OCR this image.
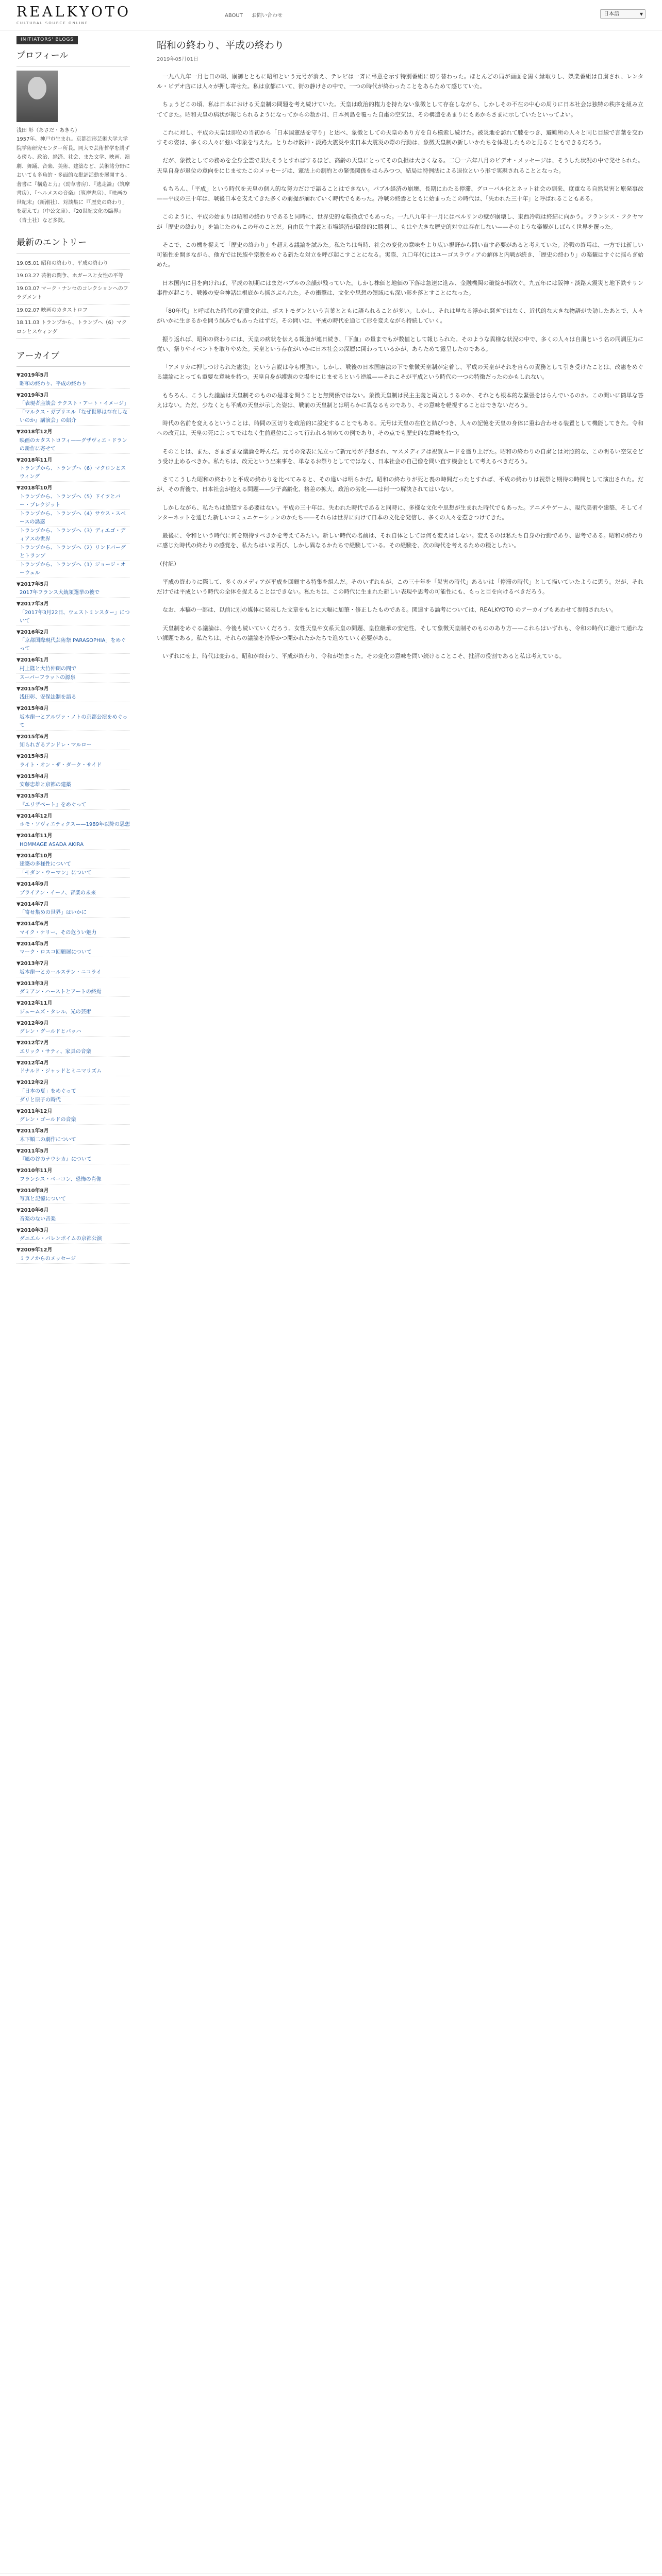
REALKYOTO
CULTURAL SOURCE ONLINE
ABOUT お問い合わせ	日本語	▼
INITIATORS' BLOGS
プロフィール
浅田 彰（あさだ・あきら）
1957年、神戸市生まれ。京都造形芸術大学大学院学術研究センター所長。同大で芸術哲学を講ずる傍ら、政治、経済、社会、また文学、映画、演劇、舞踊、音楽、美術、建築など、芸術諸分野においても多角的・多面的な批評活動を展開する。
著書に『構造と力』（勁草書房）、『逃走論』（筑摩書房）、『ヘルメスの音楽』（筑摩書房）、『映画の世紀末』（新潮社）、対談集に『「歴史の終わり」を超えて』（中公文庫）、『20世紀文化の臨界』（青土社）など多数。
最新のエントリー
19.05.01 昭和の終わり、平成の終わり
19.03.27 芸術の闘争、ホガースと女性の平等
19.03.07 マーク・ナンセのコレクションへのフラグメント
19.02.07 映画のカタストロフ
18.11.03 トランプから、トランプへ（6）マクロンとスウィング
アーカイブ
▼2019年5月
昭和の終わり、平成の終わり
▼2019年3月
「表現者座談会 テクスト・アート・イメージ」
「マルクス・ガブリエル『なぜ世界は存在しないのか』講演会」の紹介
▼2018年12月
映画のカタストロフィ——グザヴィエ・ドランの新作に寄せて
▼2018年11月
トランプから、トランプへ（6）マクロンとスウィング
▼2018年10月
トランプから、トランプへ（5）ドイツとバー・ブレクジット
トランプから、トランプへ（4）サウス・スペースの誘惑
トランプから、トランプへ（3）ディエゴ・ディアスの世界
トランプから、トランプへ（2）リンドバーグとトランプ
トランプから、トランプへ（1）ジョージ・オーウェル
▼2017年5月
2017年フランス大統領選挙の後で
▼2017年3月
「2017年3月22日、ウェストミンスター」について
▼2016年2月
「京都国際現代芸術祭 PARASOPHIA」をめぐって
▼2016年1月
村上隆と大竹伸朗の間で
スーパーフラットの源泉
▼2015年9月
浅田彰、安保法制を語る
▼2015年8月
坂本龍一とアルヴァ・ノトの京都公演をめぐって
▼2015年6月
知られざるアンドレ・マルロー
▼2015年5月
ライト・オン・ザ・ダーク・サイド
▼2015年4月
安藤忠雄と京都の建築
▼2015年3月
『エリザベート』をめぐって
▼2014年12月
ホモ・ソヴィエティクス——1989年以降の思想
▼2014年11月
HOMMAGE ASADA AKIRA
▼2014年10月
建築の多様性について
「モダン・ウーマン」について
▼2014年9月
ブライアン・イーノ、音楽の未来
▼2014年7月
「寄せ集めの世界」はいかに
▼2014年6月
マイク・ケリー、その危うい魅力
▼2014年5月
マーク・ロスコ回顧展について
▼2013年7月
坂本龍一とカールステン・ニコライ
▼2013年3月
ダミアン・ハーストとアートの終焉
▼2012年11月
ジェームズ・タレル、光の芸術
▼2012年9月
グレン・グールドとバッハ
▼2012年7月
エリック・サティ、家具の音楽
▼2012年4月
ドナルド・ジャッドとミニマリズム
▼2012年2月
「日本の夏」をめぐって
ダリと原子の時代
▼2011年12月
グレン・ゴールドの音楽
▼2011年8月
木下順二の劇作について
▼2011年5月
『風の谷のナウシカ』について
▼2010年11月
フランシス・ベーコン、恐怖の肖像
▼2010年8月
写真と記憶について
▼2010年6月
音楽のない音楽
▼2010年3月
ダニエル・バレンボイムの京都公演
▼2009年12月
ミラノからのメッセージ
昭和の終わり、平成の終わり
2019年05月01日

一九八九年一月七日の朝、崩御とともに昭和という元号が消え、テレビは一斉に弔意を示す特別番組に切り替わった。ほとんどの局が画面を黒く縁取りし、娯楽番組は自粛され、レンタル・ビデオ店には人々が押し寄せた。私は京都にいて、街の静けさの中で、一つの時代が終わったことをあらためて感じていた。

ちょうどこの頃、私は日本における天皇制の問題を考え続けていた。天皇は政治的権力を持たない象徴として存在しながら、しかしその不在の中心の周りに日本社会は独特の秩序を組み立ててきた。昭和天皇の病状が報じられるようになってからの数か月、日本列島を覆った自粛の空気は、その構造をあまりにもあからさまに示していたといってよい。

これに対し、平成の天皇は即位の当初から「日本国憲法を守り」と述べ、象徴としての天皇のあり方を自ら模索し続けた。被災地を訪れて膝をつき、避難所の人々と同じ目線で言葉を交わすその姿は、多くの人々に強い印象を与えた。とりわけ阪神・淡路大震災や東日本大震災の際の行動は、象徴天皇制の新しいかたちを体現したものと見ることもできるだろう。

だが、象徴としての務めを全身全霊で果たそうとすればするほど、高齢の天皇にとってその負担は大きくなる。二〇一六年八月のビデオ・メッセージは、そうした状況の中で発せられた。天皇自身が退位の意向をにじませたこのメッセージは、憲法上の制約との緊張関係をはらみつつ、結局は特例法による退位という形で実現されることとなった。

もちろん、「平成」という時代を天皇の個人的な努力だけで語ることはできない。バブル経済の崩壊、長期にわたる停滞、グローバル化とネット社会の到来、度重なる自然災害と原発事故——平成の三十年は、戦後日本を支えてきた多くの前提が崩れていく時代でもあった。冷戦の終焉とともに始まったこの時代は、「失われた三十年」と呼ばれることもある。

このように、平成の始まりは昭和の終わりであると同時に、世界史的な転換点でもあった。一九八九年十一月にはベルリンの壁が崩壊し、東西冷戦は終結に向かう。フランシス・フクヤマが「歴史の終わり」を論じたのもこの年のことだ。自由民主主義と市場経済が最終的に勝利し、もはや大きな歴史的対立は存在しない——そのような楽観がしばらく世界を覆った。

そこで、この機を捉えて「歴史の終わり」を超える議論を試みた。私たちは当時、社会の変化の意味をより広い視野から問い直す必要があると考えていた。冷戦の終焉は、一方では新しい可能性を開きながら、他方では民族や宗教をめぐる新たな対立を呼び起こすことになる。実際、九〇年代にはユーゴスラヴィアの解体と内戦が続き、「歴史の終わり」の楽観はすぐに揺らぎ始めた。

日本国内に目を向ければ、平成の初期にはまだバブルの余韻が残っていた。しかし株価と地価の下落は急速に進み、金融機関の破綻が相次ぐ。九五年には阪神・淡路大震災と地下鉄サリン事件が起こり、戦後の安全神話は根底から揺さぶられた。その衝撃は、文化や思想の領域にも深い影を落とすことになった。

「80年代」と呼ばれた時代の消費文化は、ポストモダンという言葉とともに語られることが多い。しかし、それは単なる浮かれ騒ぎではなく、近代的な大きな物語が失効したあとで、人々がいかに生きるかを問う試みでもあったはずだ。その問いは、平成の時代を通じて形を変えながら持続していく。

振り返れば、昭和の終わりには、天皇の病状を伝える報道が連日続き、「下血」の量までもが数値として報じられた。そのような異様な状況の中で、多くの人々は自粛という名の同調圧力に従い、祭りやイベントを取りやめた。天皇という存在がいかに日本社会の深層に関わっているかが、あらためて露呈したのである。

「アメリカに押しつけられた憲法」という言説は今も根強い。しかし、戦後の日本国憲法の下で象徴天皇制が定着し、平成の天皇がそれを自らの責務として引き受けたことは、改憲をめぐる議論にとっても重要な意味を持つ。天皇自身が護憲の立場をにじませるという逆説——それこそが平成という時代の一つの特徴だったのかもしれない。

もちろん、こうした議論は天皇制そのものの是非を問うことと無関係ではない。象徴天皇制は民主主義と両立しうるのか、それとも根本的な緊張をはらんでいるのか。この問いに簡単な答えはない。ただ、少なくとも平成の天皇が示した姿は、戦前の天皇制とは明らかに異なるものであり、その意味を軽視することはできないだろう。

時代の名前を変えるということは、時間の区切りを政治的に設定することでもある。元号は天皇の在位と結びつき、人々の記憶を天皇の身体に重ね合わせる装置として機能してきた。令和への改元は、天皇の死によってではなく生前退位によって行われる初めての例であり、その点でも歴史的な意味を持つ。

そのことは、また、さまざまな議論を呼んだ。元号の発表に先立って新元号が予想され、マスメディアは祝賀ムードを盛り上げた。昭和の終わりの自粛とは対照的な、この明るい空気をどう受け止めるべきか。私たちは、改元という出来事を、単なるお祭りとしてではなく、日本社会の自己像を問い直す機会として考えるべきだろう。

さてこうした昭和の終わりと平成の終わりを比べてみると、その違いは明らかだ。昭和の終わりが死と喪の時間だったとすれば、平成の終わりは祝祭と期待の時間として演出された。だが、その背後で、日本社会が抱える問題——少子高齢化、格差の拡大、政治の劣化——は何一つ解決されてはいない。

しかしながら、私たちは絶望する必要はない。平成の三十年は、失われた時代であると同時に、多様な文化や思想が生まれた時代でもあった。アニメやゲーム、現代美術や建築、そしてインターネットを通じた新しいコミュニケーションのかたち——それらは世界に向けて日本の文化を発信し、多くの人々を惹きつけてきた。

最後に、令和という時代に何を期待すべきかを考えてみたい。新しい時代の名前は、それ自体としては何も変えはしない。変えるのは私たち自身の行動であり、思考である。昭和の終わりに感じた時代の終わりの感覚を、私たちはいま再び、しかし異なるかたちで経験している。その経験を、次の時代を考えるための糧としたい。

（付記）

平成の終わりに際して、多くのメディアが平成を回顧する特集を組んだ。そのいずれもが、この三十年を「災害の時代」あるいは「停滞の時代」として描いていたように思う。だが、それだけでは平成という時代の全体を捉えることはできない。私たちは、この時代に生まれた新しい表現や思考の可能性にも、もっと目を向けるべきだろう。

なお、本稿の一部は、以前に別の媒体に発表した文章をもとに大幅に加筆・修正したものである。関連する論考については、REALKYOTO のアーカイブもあわせて参照されたい。

天皇制をめぐる議論は、今後も続いていくだろう。女性天皇や女系天皇の問題、皇位継承の安定性、そして象徴天皇制そのもののあり方——これらはいずれも、令和の時代に避けて通れない課題である。私たちは、それらの議論を冷静かつ開かれたかたちで進めていく必要がある。

いずれにせよ、時代は変わる。昭和が終わり、平成が終わり、令和が始まった。その変化の意味を問い続けることこそ、批評の役割であると私は考えている。
